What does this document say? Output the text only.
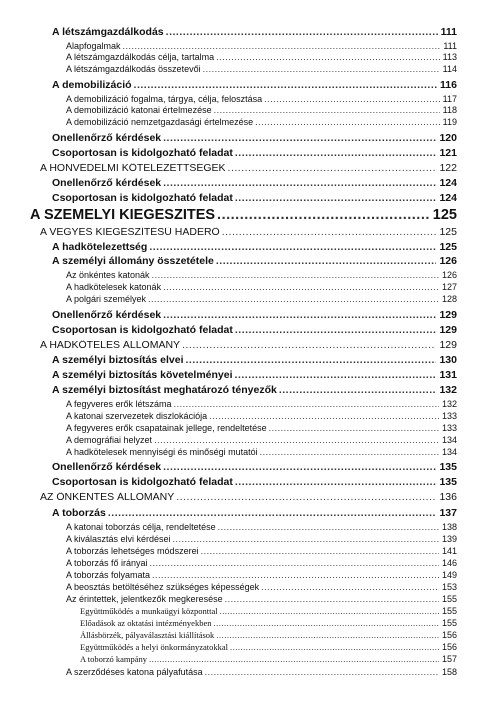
A létszámgazdálkodás .....	111
Alapfogalmak .....	111
A létszámgazdálkodás célja, tartalma .....	113
A létszámgazdálkodás összetevői .....	114
A demobilizáció .....	116
A demobilizáció fogalma, tárgya, célja, felosztása .....	117
A demobilizáció katonai értelmezése .....	118
A demobilizáció nemzetgazdasági értelmezése .....	119
Önellenőrző kérdések .....	120
Csoportosan is kidolgozható feladat .....	121
A HONVÉDELMI KÖTELEZETTSÉGEK .....	122
Önellenőrző kérdések .....	124
Csoportosan is kidolgozható feladat .....	124
A SZEMÉLYI KIEGÉSZÍTÉS .....	125
A VEGYES KIEGÉSZÍTÉSŰ HADERŐ .....	125
A hadkötelezettség .....	125
A személyi állomány összetétele .....	126
Az önkéntes katonák .....	126
A hadkötelesek katonák .....	127
A polgári személyek .....	128
Önellenőrző kérdések .....	129
Csoportosan is kidolgozható feladat .....	129
A HADKÖTELES ÁLLOMÁNY .....	129
A személyi biztosítás elvei .....	130
A személyi biztosítás követelményei .....	131
A személyi biztosítást meghatározó tényezők .....	132
A fegyveres erők létszáma .....	132
A katonai szervezetek diszlokációja .....	133
A fegyveres erők csapatainak jellege, rendeltetése .....	133
A demográfiai helyzet .....	134
A hadkötelesek mennyiségi és minőségi mutatói .....	134
Önellenőrző kérdések .....	135
Csoportosan is kidolgozható feladat .....	135
AZ ÖNKÉNTES ÁLLOMÁNY .....	136
A toborzás .....	137
A katonai toborzás célja, rendeltetése .....	138
A kiválasztás elvi kérdései .....	139
A toborzás lehetséges módszerei .....	141
A toborzás fő irányai .....	146
A toborzás folyamata .....	149
A beosztás betöltéséhez szükséges képességek .....	153
Az érintettek, jelentkezők megkeresése .....	155
Együttműködés a munkaügyi központtal .....	155
Előadások az oktatási intézményekben .....	155
Állásbörzék, pályaválasztási kiállítások .....	156
Együttműködés a helyi önkormányzatokkal .....	156
A toborzó kampány .....	157
A szerződéses katona pályafutása .....	158
